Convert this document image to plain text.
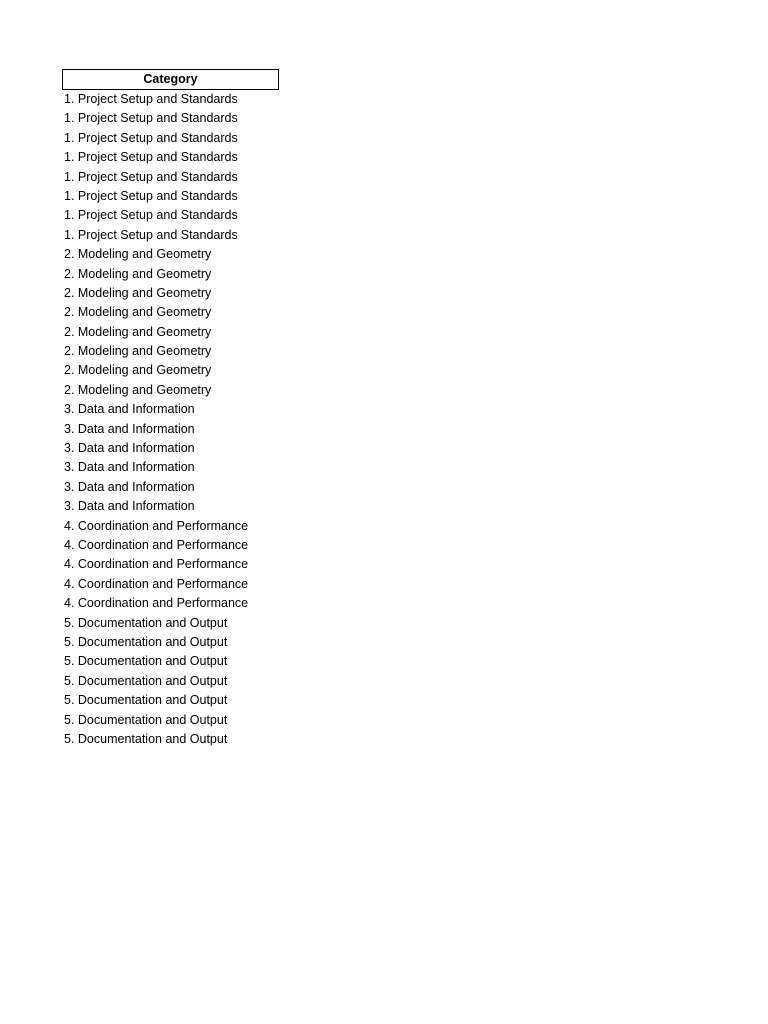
Category
1. Project Setup and Standards
1. Project Setup and Standards
1. Project Setup and Standards
1. Project Setup and Standards
1. Project Setup and Standards
1. Project Setup and Standards
1. Project Setup and Standards
1. Project Setup and Standards
2. Modeling and Geometry
2. Modeling and Geometry
2. Modeling and Geometry
2. Modeling and Geometry
2. Modeling and Geometry
2. Modeling and Geometry
2. Modeling and Geometry
2. Modeling and Geometry
3. Data and Information
3. Data and Information
3. Data and Information
3. Data and Information
3. Data and Information
3. Data and Information
4. Coordination and Performance
4. Coordination and Performance
4. Coordination and Performance
4. Coordination and Performance
4. Coordination and Performance
5. Documentation and Output
5. Documentation and Output
5. Documentation and Output
5. Documentation and Output
5. Documentation and Output
5. Documentation and Output
5. Documentation and Output
